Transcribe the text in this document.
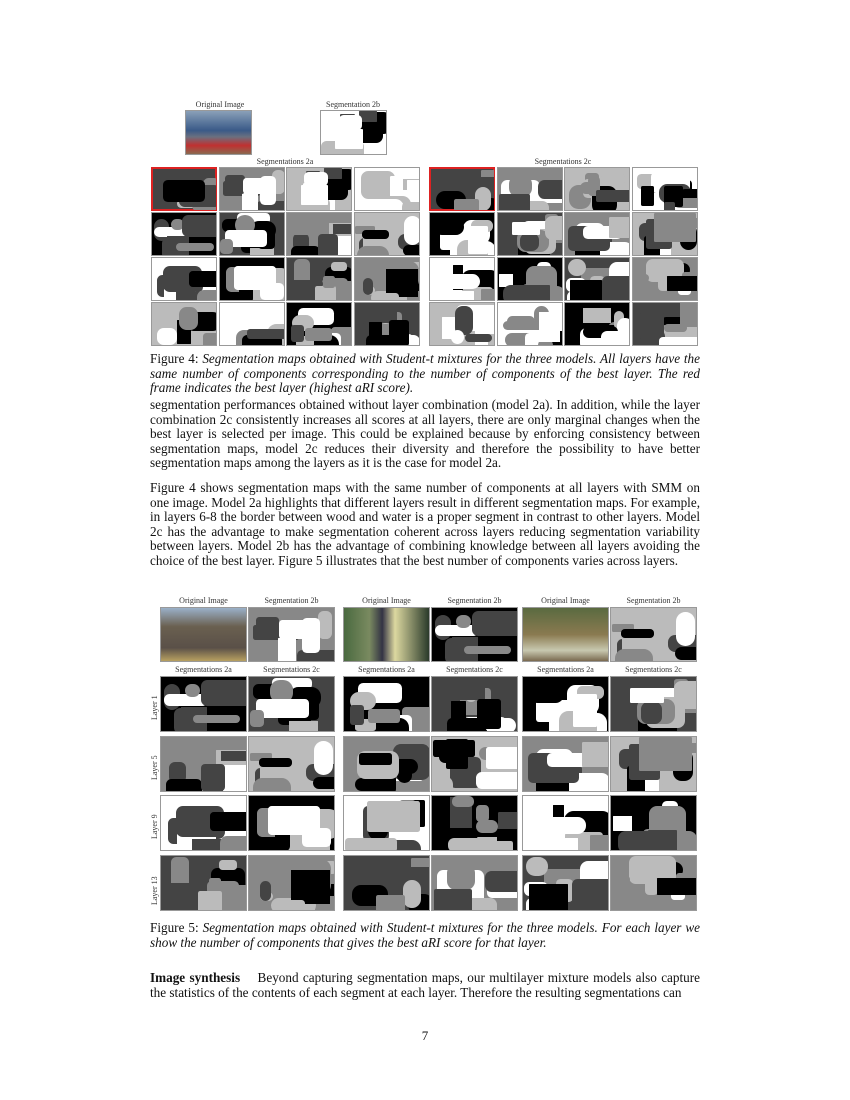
Original Image	Segmentation 2b
Segmentations 2a	Segmentations 2c
Figure 4: Segmentation maps obtained with Student-t mixtures for the three models. All layers have the same number of components corresponding to the number of components of the best layer. The red frame indicates the best layer (highest aRI score).
segmentation performances obtained without layer combination (model 2a). In addition, while the layer combination 2c consistently increases all scores at all layers, there are only marginal changes when the best layer is selected per image. This could be explained because by enforcing consistency between segmentation maps, model 2c reduces their diversity and therefore the possibility to have better segmentation maps among the layers as it is the case for model 2a.
Figure 4 shows segmentation maps with the same number of components at all layers with SMM on one image. Model 2a highlights that different layers result in different segmentation maps. For example, in layers 6-8 the border between wood and water is a proper segment in contrast to other layers. Model 2c has the advantage to make segmentation coherent across layers reducing segmentation variability between layers. Model 2b has the advantage of combining knowledge between all layers avoiding the choice of the best layer. Figure 5 illustrates that the best number of components varies across layers.
Figure 5: Segmentation maps obtained with Student-t mixtures for the three models. For each layer we show the number of components that gives the best aRI score for that layer.
Image synthesis Beyond capturing segmentation maps, our multilayer mixture models also capture the statistics of the contents of each segment at each layer. Therefore the resulting segmentations can
7
Original Image	Segmentation 2b
Segmentations 2a	Segmentations 2c
Original Image	Segmentation 2b
Segmentations 2a	Segmentations 2c
Original Image	Segmentation 2b
Segmentations 2a	Segmentations 2c
Layer 1
Layer 5
Layer 9
Layer 13
